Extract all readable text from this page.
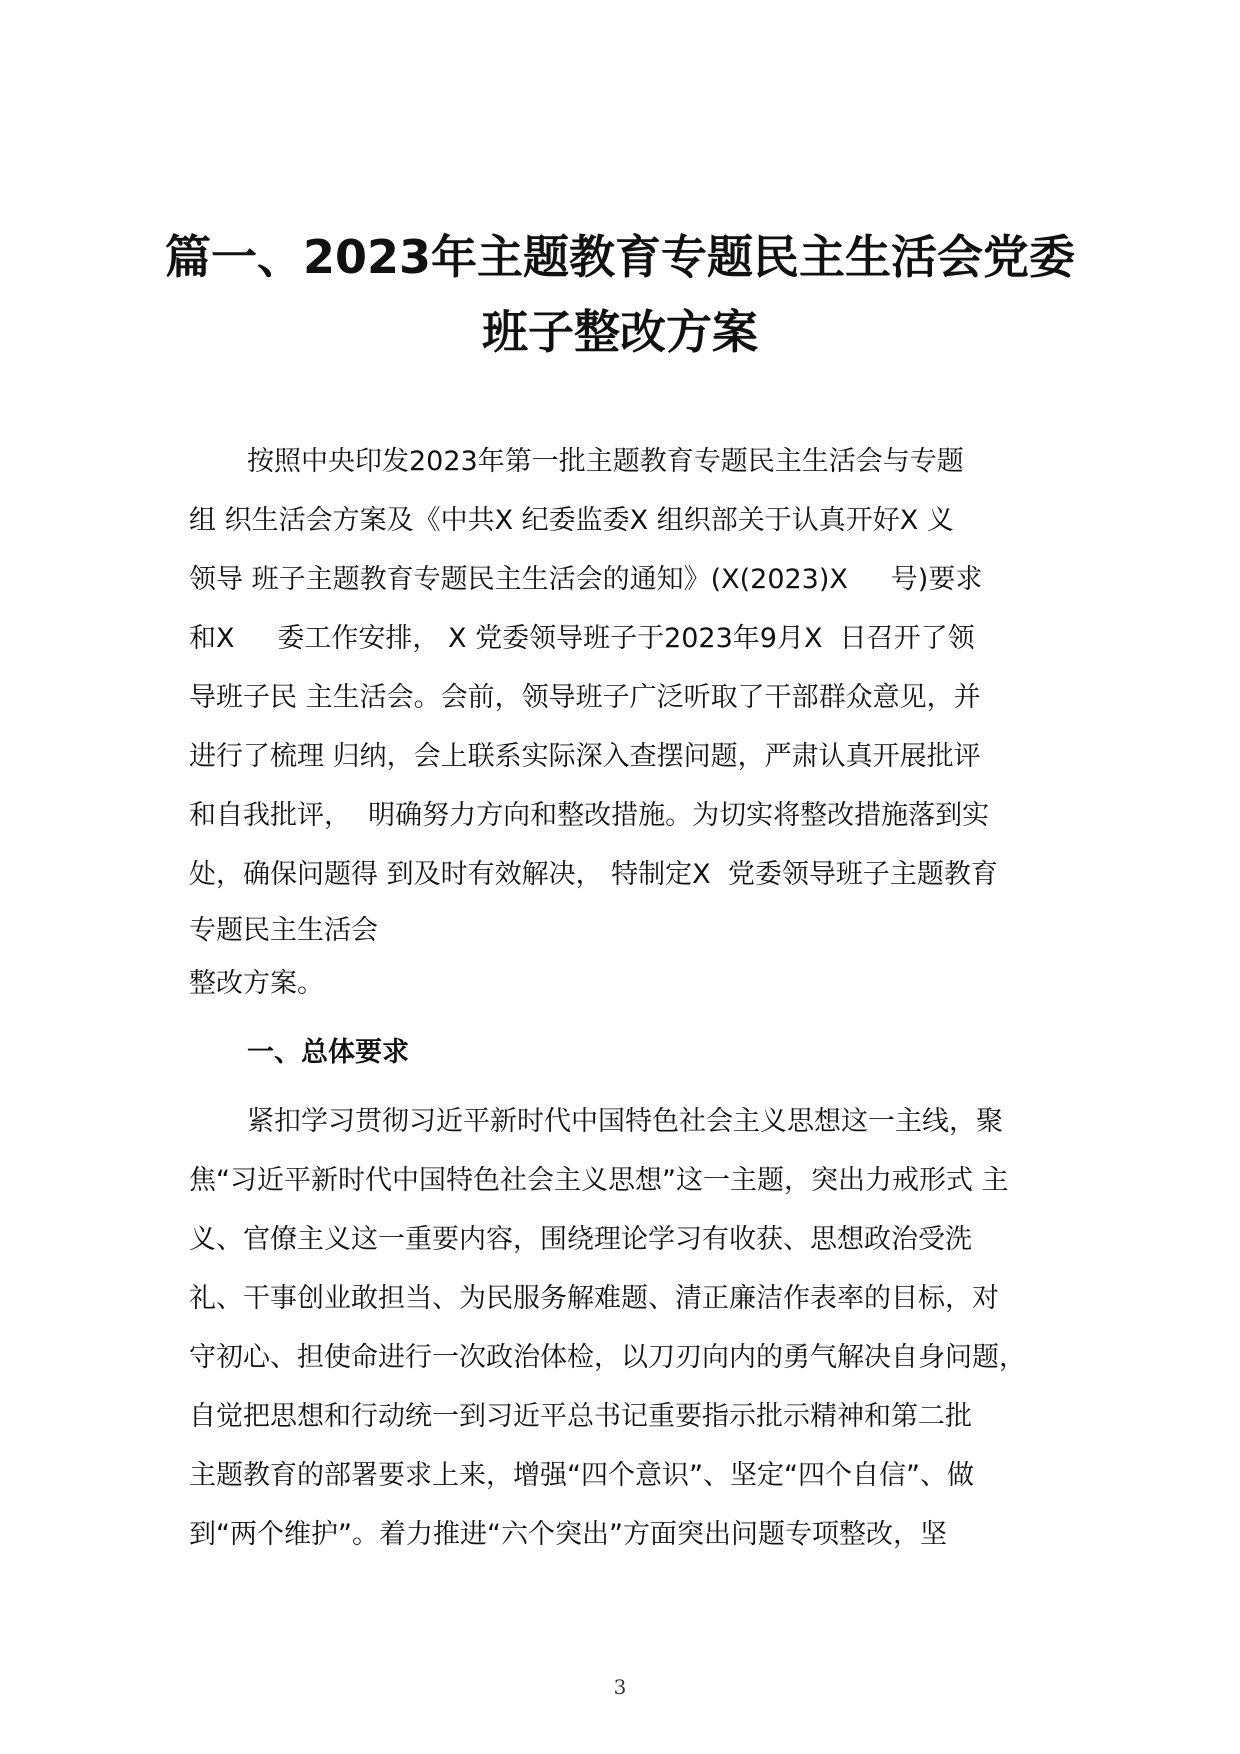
篇一、2023年主题教育专题民主生活会党委
班子整改方案
按照中央印发2023年第一批主题教育专题民主生活会与专题
组 织生活会方案及《中共X 纪委监委X 组织部关于认真开好X 义
领导 班子主题教育专题民主生活会的通知》(X(2023)X     号)要求
和X     委工作安排， X 党委领导班子于2023年9月X  日召开了领
导班子民 主生活会。会前，领导班子广泛听取了干部群众意见，并
进行了梳理 归纳，会上联系实际深入查摆问题，严肃认真开展批评
和自我批评，  明确努力方向和整改措施。为切实将整改措施落到实
处，确保问题得 到及时有效解决， 特制定X  党委领导班子主题教育
专题民主生活会
整改方案。
一、总体要求
紧扣学习贯彻习近平新时代中国特色社会主义思想这一主线，聚
焦“习近平新时代中国特色社会主义思想”这一主题，突出力戒形式 主
义、官僚主义这一重要内容，围绕理论学习有收获、思想政治受洗
礼、干事创业敢担当、为民服务解难题、清正廉洁作表率的目标，对
守初心、担使命进行一次政治体检，以刀刃向内的勇气解决自身问题，
自觉把思想和行动统一到习近平总书记重要指示批示精神和第二批
主题教育的部署要求上来，增强“四个意识”、坚定“四个自信”、做
到“两个维护”。着力推进“六个突出”方面突出问题专项整改，坚
3
